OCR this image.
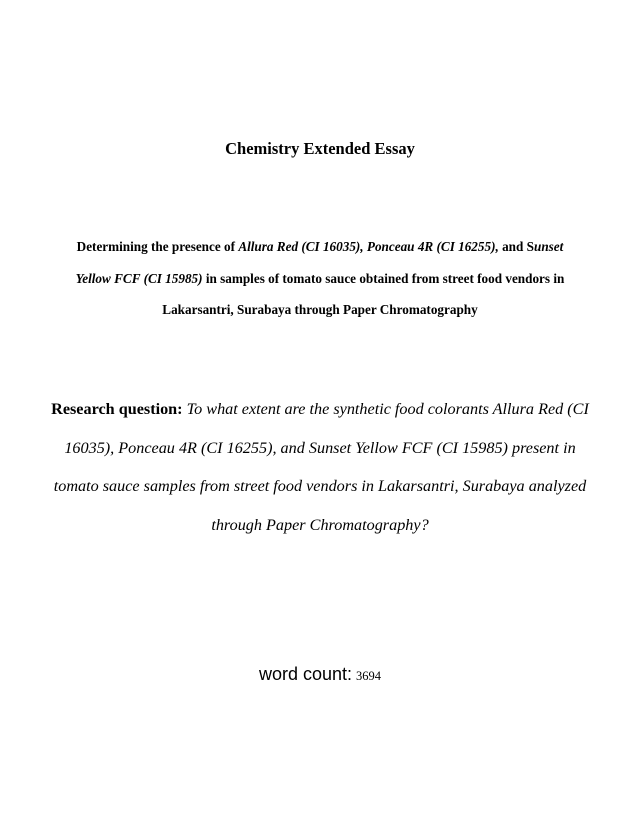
Chemistry Extended Essay
Determining the presence of Allura Red (CI 16035), Ponceau 4R (CI 16255), and Sunset Yellow FCF (CI 15985) in samples of tomato sauce obtained from street food vendors in Lakarsantri, Surabaya through Paper Chromatography
Research question: To what extent are the synthetic food colorants Allura Red (CI 16035), Ponceau 4R (CI 16255), and Sunset Yellow FCF (CI 15985) present in tomato sauce samples from street food vendors in Lakarsantri, Surabaya analyzed through Paper Chromatography?
word count: 3694
